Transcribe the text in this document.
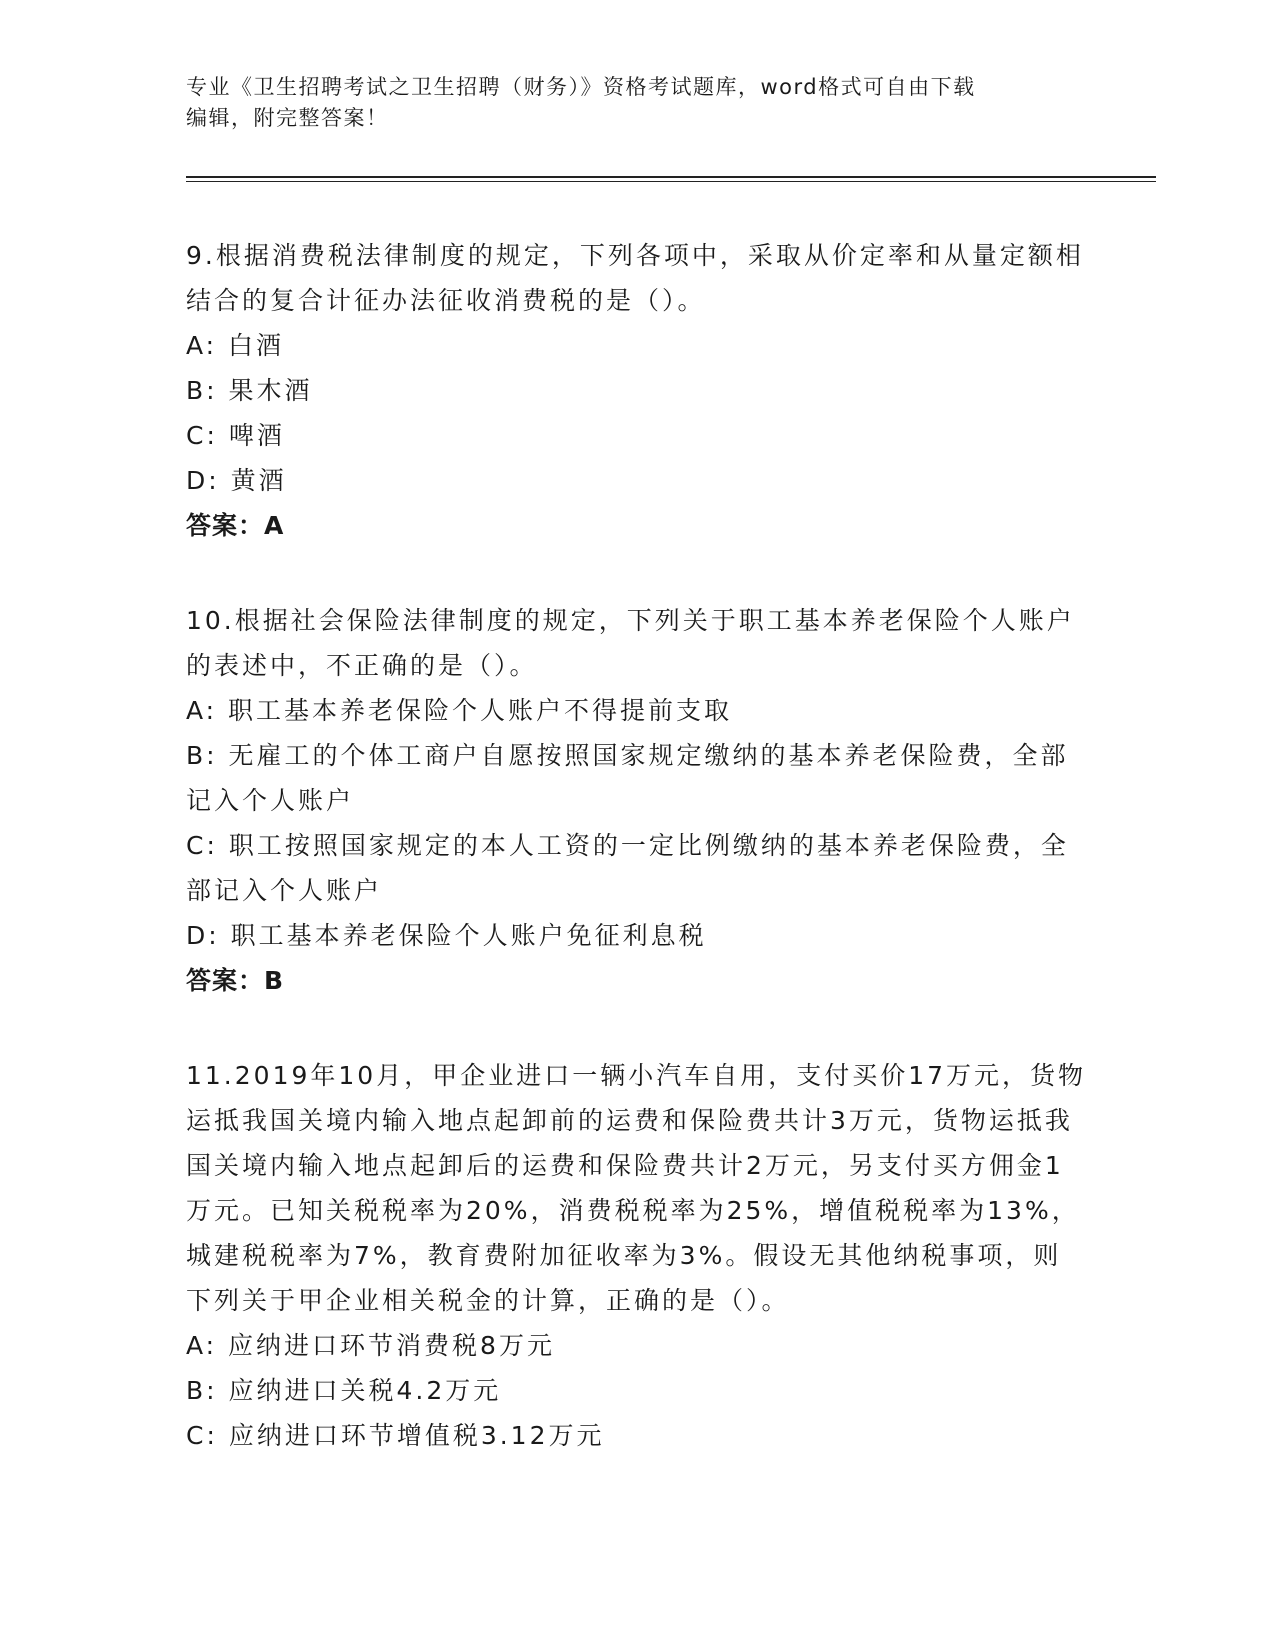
专业《卫生招聘考试之卫生招聘（财务）》资格考试题库，word格式可自由下载
编辑，附完整答案！

9.根据消费税法律制度的规定，下列各项中，采取从价定率和从量定额相结合的复合计征办法征收消费税的是（）。

A: 白酒

B: 果木酒

C: 啤酒

D: 黄酒

答案：A

10.根据社会保险法律制度的规定，下列关于职工基本养老保险个人账户的表述中，不正确的是（）。

A: 职工基本养老保险个人账户不得提前支取

B: 无雇工的个体工商户自愿按照国家规定缴纳的基本养老保险费，全部记入个人账户

C: 职工按照国家规定的本人工资的一定比例缴纳的基本养老保险费，全部记入个人账户

D: 职工基本养老保险个人账户免征利息税

答案：B

11.2019年10月，甲企业进口一辆小汽车自用，支付买价17万元，货物运抵我国关境内输入地点起卸前的运费和保险费共计3万元，货物运抵我国关境内输入地点起卸后的运费和保险费共计2万元，另支付买方佣金1万元。已知关税税率为20%，消费税税率为25%，增值税税率为13%，城建税税率为7%，教育费附加征收率为3%。假设无其他纳税事项，则下列关于甲企业相关税金的计算，正确的是（）。

A: 应纳进口环节消费税8万元

B: 应纳进口关税4.2万元

C: 应纳进口环节增值税3.12万元
